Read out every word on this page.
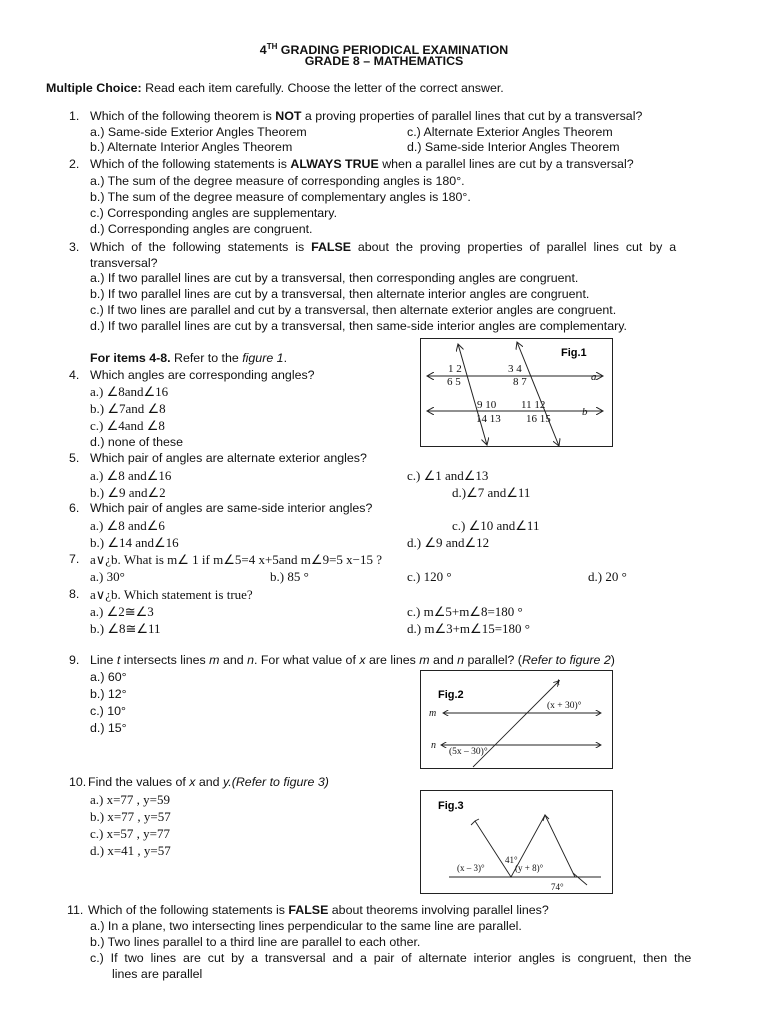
4TH GRADING PERIODICAL EXAMINATION
GRADE 8 – MATHEMATICS
Multiple Choice: Read each item carefully. Choose the letter of the correct answer.
1. Which of the following theorem is NOT a proving properties of parallel lines that cut by a transversal?
a.) Same-side Exterior Angles Theorem	c.) Alternate Exterior Angles Theorem
b.) Alternate Interior Angles Theorem	d.) Same-side Interior Angles Theorem
2. Which of the following statements is ALWAYS TRUE when a parallel lines are cut by a transversal?
a.) The sum of the degree measure of corresponding angles is 180°.
b.) The sum of the degree measure of complementary angles is 180°.
c.) Corresponding angles are supplementary.
d.) Corresponding angles are congruent.
3. Which  of  the  following  statements  is  FALSE  about  the  proving  properties  of  parallel  lines  cut  by  a
transversal?
a.) If two parallel lines are cut by a transversal, then corresponding angles are congruent.
b.) If two parallel lines are cut by a transversal, then alternate interior angles are congruent.
c.) If two lines are parallel and cut by a transversal, then alternate exterior angles are congruent.
d.) If two parallel lines are cut by a transversal, then same-side interior angles are complementary.
For items 4-8. Refer to the figure 1.
4. Which angles are corresponding angles?
a.) ∠8and∠16
b.) ∠7and ∠8
c.) ∠4and ∠8
d.) none of these
5. Which pair of angles are alternate exterior angles?
a.) ∠8 and∠16	c.) ∠1 and∠13
b.) ∠9 and∠2	d.)∠7 and∠11
6. Which pair of angles are same-side interior angles?
a.) ∠8 and∠6	c.) ∠10 and∠11
b.) ∠14 and∠16	d.) ∠9 and∠12
7. a∨¿b. What is m∠ 1 if m∠5=4 x+5and m∠9=5 x−15 ?
a.) 30°	b.) 85 °	c.) 120 °	d.) 20 °
8. a∨¿b. Which statement is true?
a.) ∠2≅∠3	c.) m∠5+m∠8=180 °
b.) ∠8≅∠11	d.) m∠3+m∠15=180 °
9. Line t intersects lines m and n. For what value of x are lines m and n parallel? (Refer to figure 2)
a.) 60°
b.) 12°
c.) 10°
d.) 15°
10. Find the values of x and y.(Refer to figure 3)
a.) x=77 , y=59
b.) x=77 , y=57
c.) x=57 , y=77
d.) x=41 , y=57
11. Which of the following statements is FALSE about theorems involving parallel lines?
a.) In a plane, two intersecting lines perpendicular to the same line are parallel.
b.) Two lines parallel to a third line are parallel to each other.
c.)  If  two  lines  are  cut  by  a  transversal  and  a  pair  of  alternate  interior  angles  is  congruent,  then  the
lines are parallel
Fig.1
a
b
1 2
6 5
3 4
8 7
9 10
14 13
11 12
16 15
Fig.2
t
m
n
(x + 30)°
(5x – 30)°
Fig.3
(x – 3)°
41°
(y + 8)°
74°
